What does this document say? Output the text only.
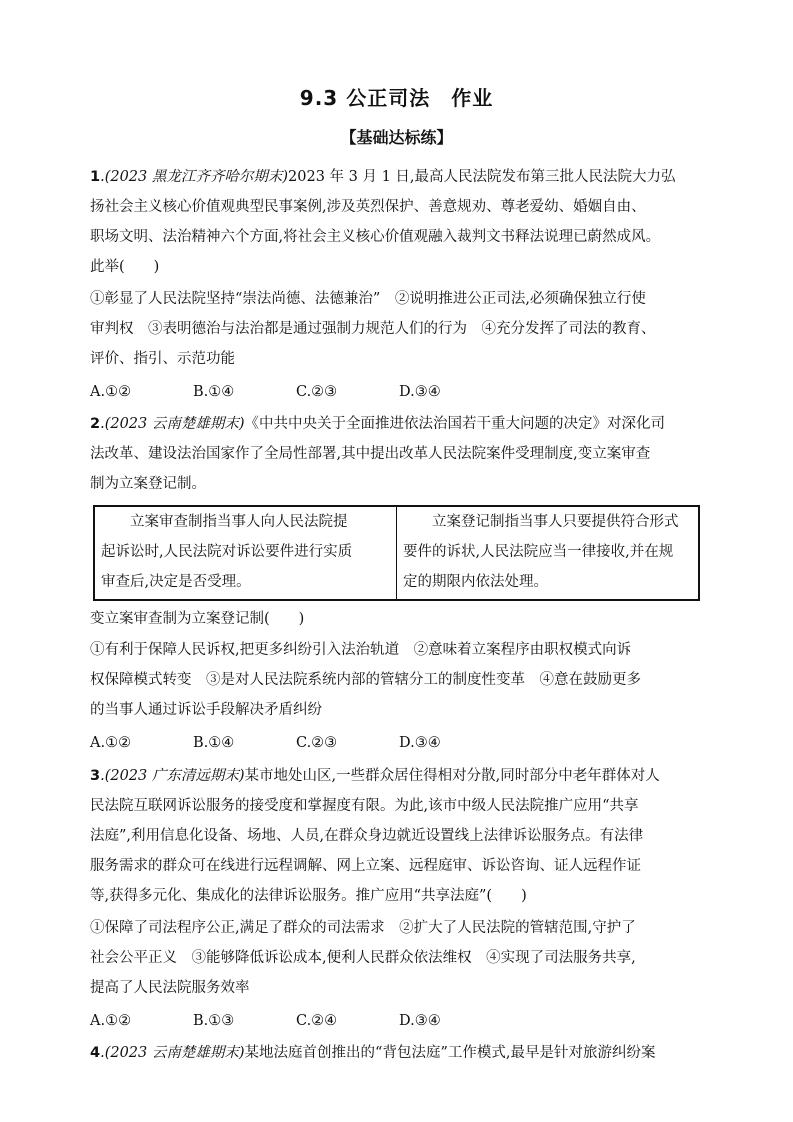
9.3 公正司法　作业
【基础达标练】
1.(2023 黑龙江齐齐哈尔期末)2023 年 3 月 1 日,最高人民法院发布第三批人民法院大力弘
扬社会主义核心价值观典型民事案例,涉及英烈保护、善意规劝、尊老爱幼、婚姻自由、
职场文明、法治精神六个方面,将社会主义核心价值观融入裁判文书释法说理已蔚然成风。
此举(　　)
①彰显了人民法院坚持“崇法尚德、法德兼治”　②说明推进公正司法,必须确保独立行使
审判权　③表明德治与法治都是通过强制力规范人们的行为　④充分发挥了司法的教育、
评价、指引、示范功能
A.①②	B.①④	C.②③	D.③④
2.(2023 云南楚雄期末)《中共中央关于全面推进依法治国若干重大问题的决定》对深化司
法改革、建设法治国家作了全局性部署,其中提出改革人民法院案件受理制度,变立案审查
制为立案登记制。
立案审查制指当事人向人民法院提
起诉讼时,人民法院对诉讼要件进行实质
审查后,决定是否受理。

立案登记制指当事人只要提供符合形式
要件的诉状,人民法院应当一律接收,并在规
定的期限内依法处理。
变立案审查制为立案登记制(　　)
①有利于保障人民诉权,把更多纠纷引入法治轨道　②意味着立案程序由职权模式向诉
权保障模式转变　③是对人民法院系统内部的管辖分工的制度性变革　④意在鼓励更多
的当事人通过诉讼手段解决矛盾纠纷
A.①②	B.①④	C.②③	D.③④
3.(2023 广东清远期末)某市地处山区,一些群众居住得相对分散,同时部分中老年群体对人
民法院互联网诉讼服务的接受度和掌握度有限。为此,该市中级人民法院推广应用“共享
法庭”,利用信息化设备、场地、人员,在群众身边就近设置线上法律诉讼服务点。有法律
服务需求的群众可在线进行远程调解、网上立案、远程庭审、诉讼咨询、证人远程作证
等,获得多元化、集成化的法律诉讼服务。推广应用“共享法庭”(　　)
①保障了司法程序公正,满足了群众的司法需求　②扩大了人民法院的管辖范围,守护了
社会公平正义　③能够降低诉讼成本,便利人民群众依法维权　④实现了司法服务共享,
提高了人民法院服务效率
A.①②	B.①③	C.②④	D.③④
4.(2023 云南楚雄期末)某地法庭首创推出的“背包法庭”工作模式,最早是针对旅游纠纷案
